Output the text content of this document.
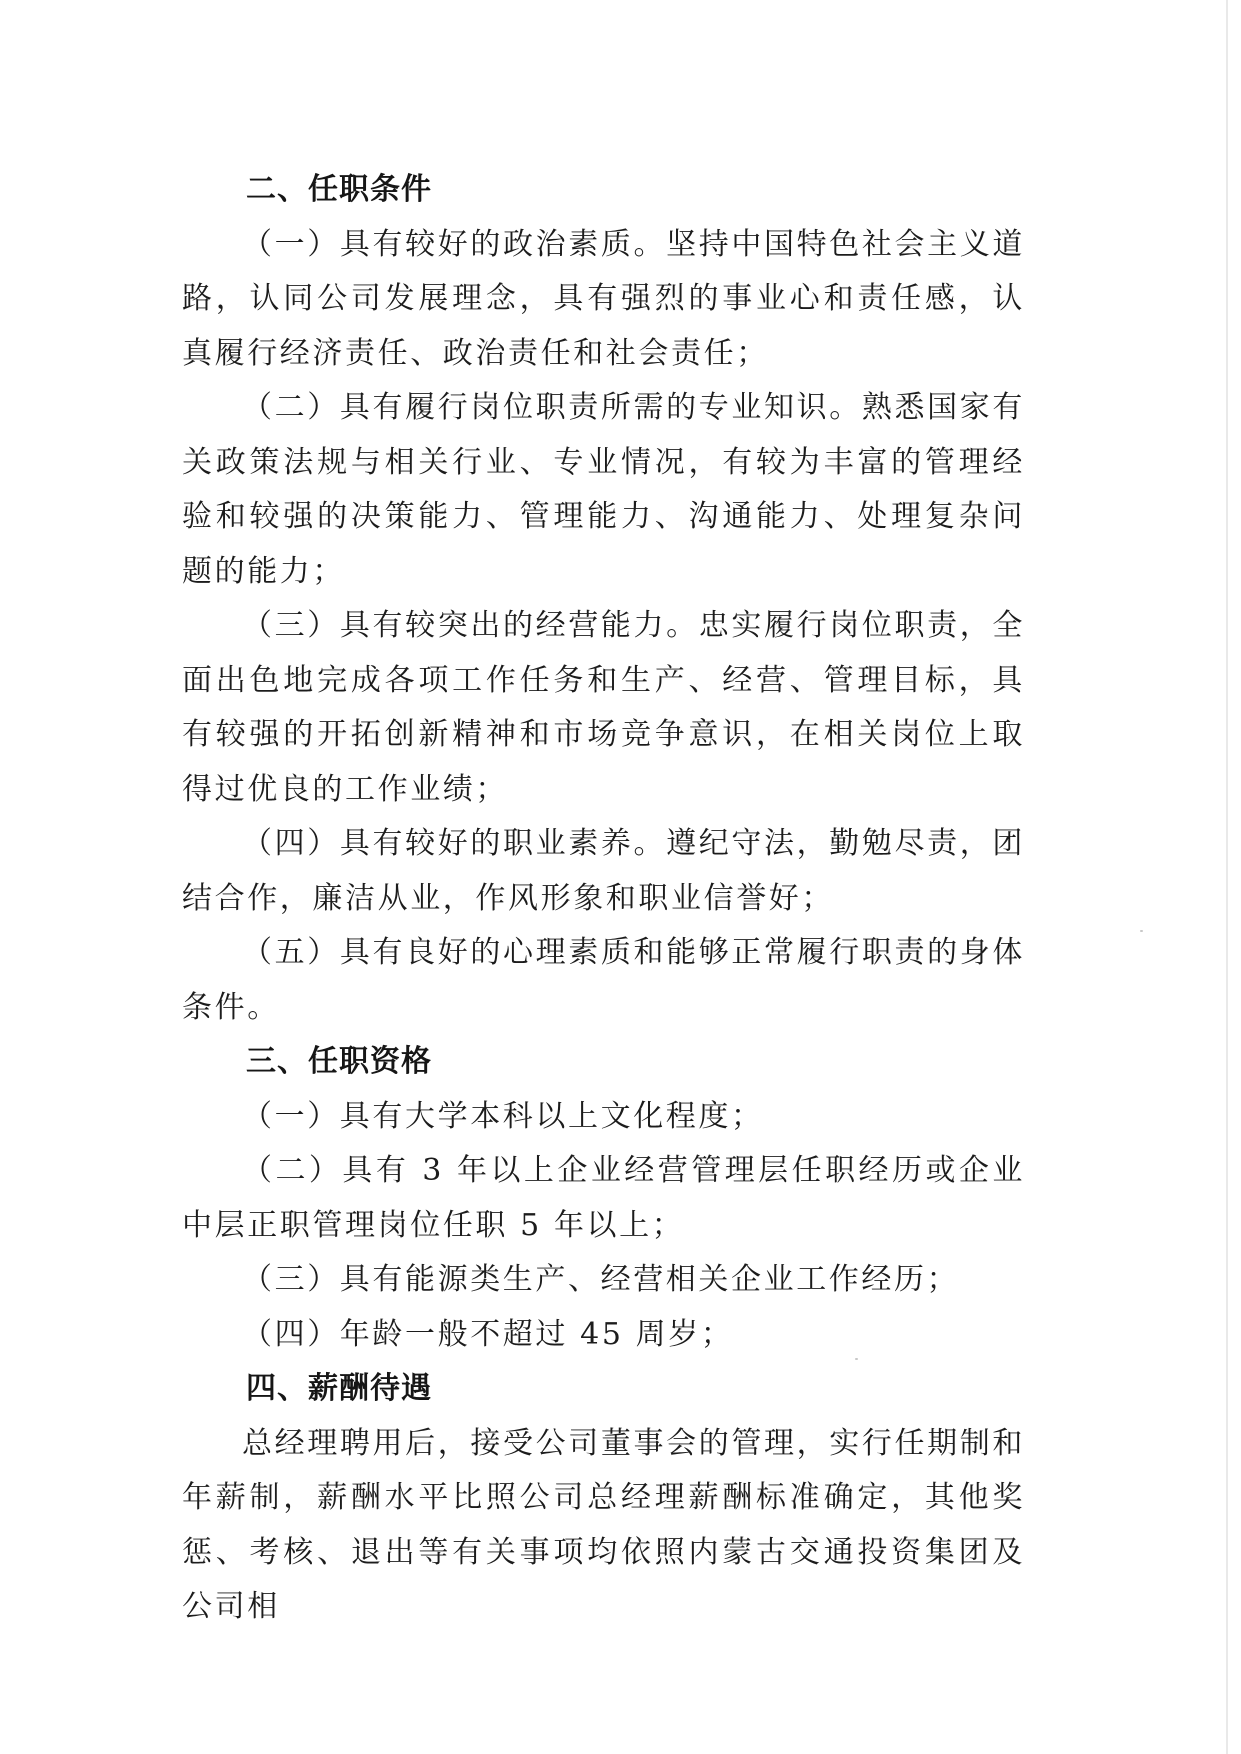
二、任职条件

（一）具有较好的政治素质。坚持中国特色社会主义道路，认同公司发展理念，具有强烈的事业心和责任感，认真履行经济责任、政治责任和社会责任；

（二）具有履行岗位职责所需的专业知识。熟悉国家有关政策法规与相关行业、专业情况，有较为丰富的管理经验和较强的决策能力、管理能力、沟通能力、处理复杂问题的能力；

（三）具有较突出的经营能力。忠实履行岗位职责，全面出色地完成各项工作任务和生产、经营、管理目标，具有较强的开拓创新精神和市场竞争意识，在相关岗位上取得过优良的工作业绩；

（四）具有较好的职业素养。遵纪守法，勤勉尽责，团结合作，廉洁从业，作风形象和职业信誉好；

（五）具有良好的心理素质和能够正常履行职责的身体条件。

三、任职资格

（一）具有大学本科以上文化程度；

（二）具有 3 年以上企业经营管理层任职经历或企业中层正职管理岗位任职 5 年以上；

（三）具有能源类生产、经营相关企业工作经历；

（四）年龄一般不超过 45 周岁；

四、薪酬待遇

总经理聘用后，接受公司董事会的管理，实行任期制和年薪制，薪酬水平比照公司总经理薪酬标准确定，其他奖惩、考核、退出等有关事项均依照内蒙古交通投资集团及公司相
